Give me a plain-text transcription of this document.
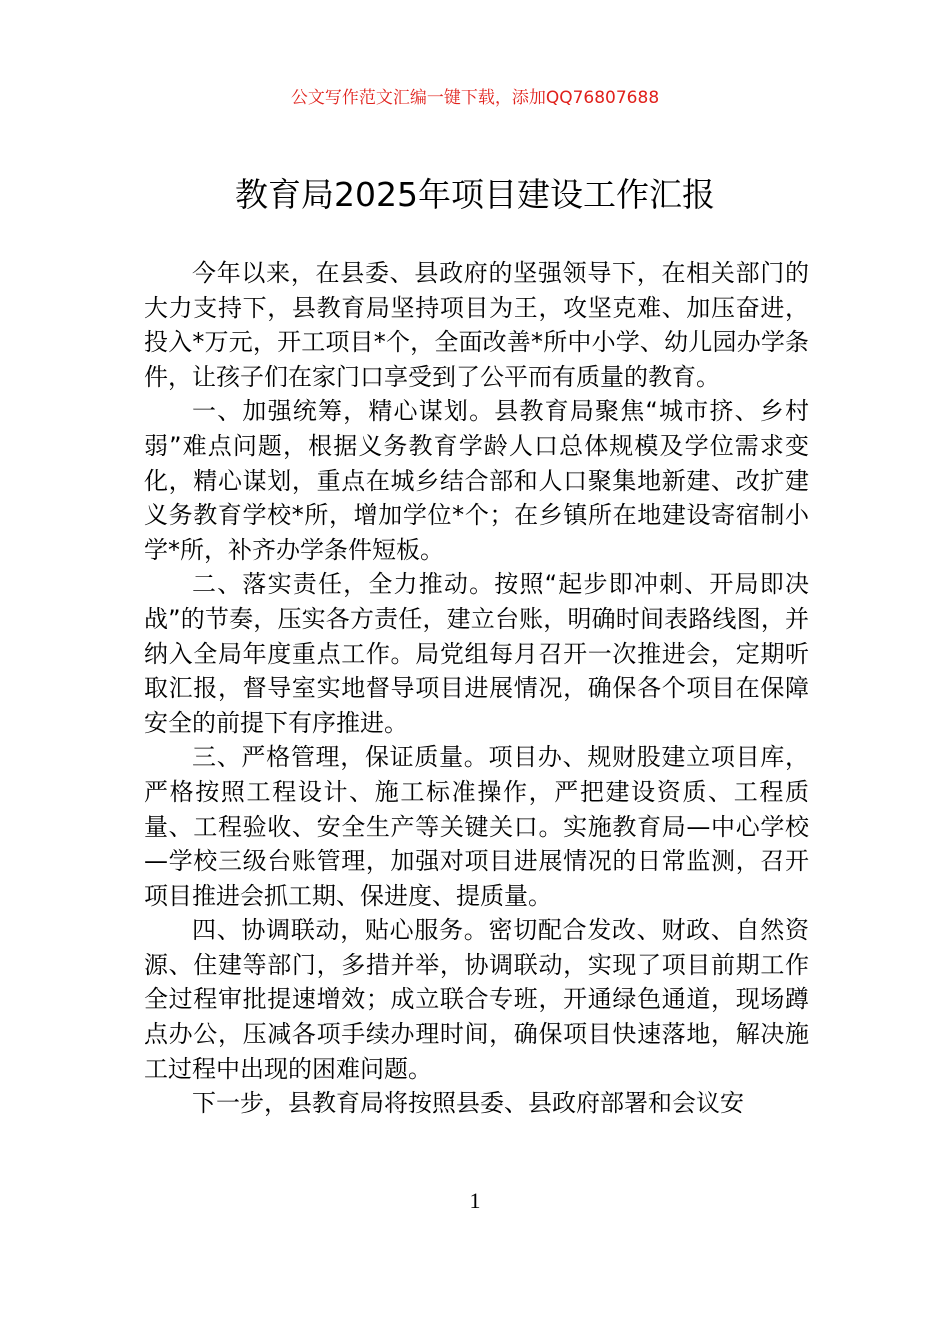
公文写作范文汇编一键下载，添加QQ76807688
教育局2025年项目建设工作汇报

今年以来，在县委、县政府的坚强领导下，在相关部门的大力支持下，县教育局坚持项目为王，攻坚克难、加压奋进，投入*万元，开工项目*个，全面改善*所中小学、幼儿园办学条件，让孩子们在家门口享受到了公平而有质量的教育。

一、加强统筹，精心谋划。县教育局聚焦“城市挤、乡村弱”难点问题，根据义务教育学龄人口总体规模及学位需求变化，精心谋划，重点在城乡结合部和人口聚集地新建、改扩建义务教育学校*所，增加学位*个；在乡镇所在地建设寄宿制小学*所，补齐办学条件短板。

二、落实责任，全力推动。按照“起步即冲刺、开局即决战”的节奏，压实各方责任，建立台账，明确时间表路线图，并纳入全局年度重点工作。局党组每月召开一次推进会，定期听取汇报，督导室实地督导项目进展情况，确保各个项目在保障安全的前提下有序推进。

三、严格管理，保证质量。项目办、规财股建立项目库，严格按照工程设计、施工标准操作，严把建设资质、工程质量、工程验收、安全生产等关键关口。实施教育局—中心学校—学校三级台账管理，加强对项目进展情况的日常监测，召开项目推进会抓工期、保进度、提质量。

四、协调联动，贴心服务。密切配合发改、财政、自然资源、住建等部门，多措并举，协调联动，实现了项目前期工作全过程审批提速增效；成立联合专班，开通绿色通道，现场蹲点办公，压减各项手续办理时间，确保项目快速落地，解决施工过程中出现的困难问题。

下一步，县教育局将按照县委、县政府部署和会议安

1
